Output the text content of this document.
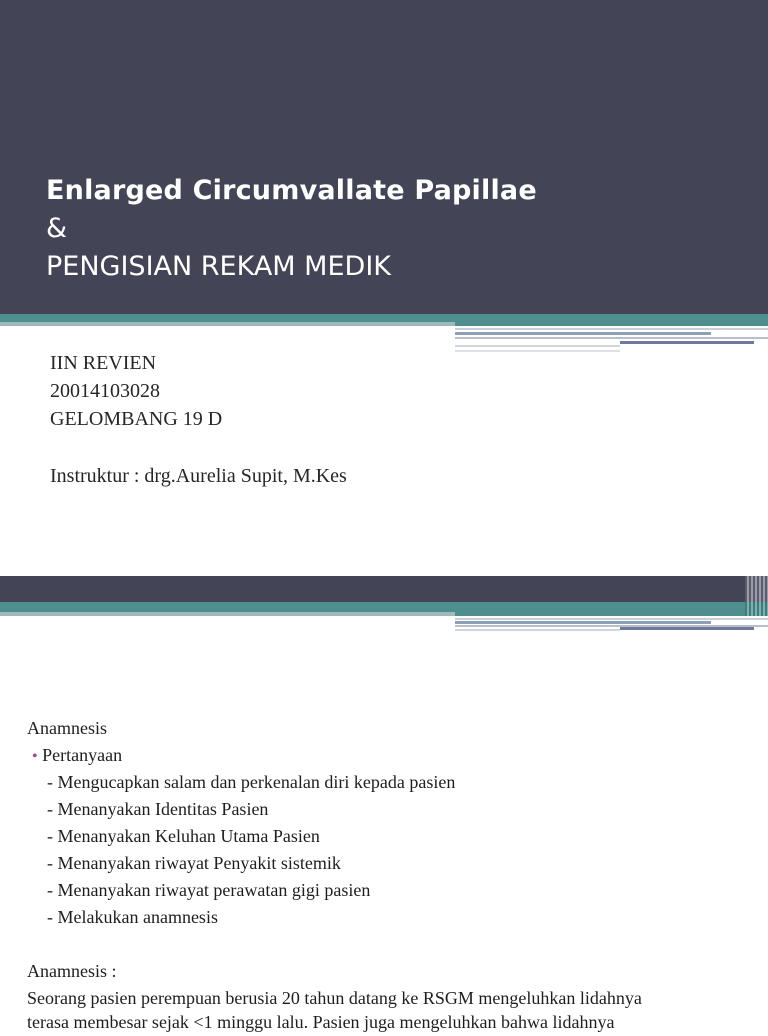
Enlarged Circumvallate Papillae
&
PENGISIAN REKAM MEDIK
IIN REVIEN
20014103028
GELOMBANG 19 D
Instruktur : drg.Aurelia Supit, M.Kes
Anamnesis
• Pertanyaan
- Mengucapkan salam dan perkenalan diri kepada pasien
- Menanyakan Identitas Pasien
- Menanyakan Keluhan Utama Pasien
- Menanyakan riwayat Penyakit sistemik
- Menanyakan riwayat perawatan gigi pasien
- Melakukan anamnesis
Anamnesis :
Seorang pasien perempuan berusia 20 tahun datang ke RSGM mengeluhkan lidahnya
terasa membesar sejak <1 minggu lalu. Pasien juga mengeluhkan bahwa lidahnya
